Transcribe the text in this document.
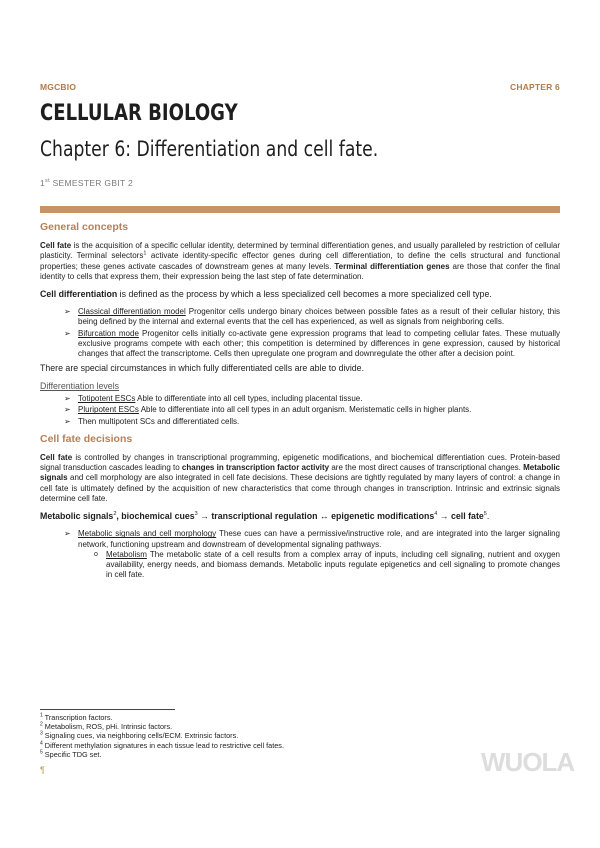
MGCBIO	CHAPTER 6
CELLULAR BIOLOGY
Chapter 6: Differentiation and cell fate.
1st SEMESTER GBIT 2
General concepts

Cell fate is the acquisition of a specific cellular identity, determined by terminal differentiation genes, and usually paralleled by restriction of cellular plasticity. Terminal selectors$^1$ activate identity-specific effector genes during cell differentiation, to define the cells structural and functional properties; these genes activate cascades of downstream genes at many levels. Terminal differentiation genes are those that confer the final identity to cells that express them, their expression being the last step of fate determination.

Cell differentiation is defined as the process by which a less specialized cell becomes a more specialized cell type.

➢ Classical differentiation model Progenitor cells undergo binary choices between possible fates as a result of their cellular history, this being defined by the internal and external events that the cell has experienced, as well as signals from neighboring cells.
➢ Bifurcation mode Progenitor cells initially co-activate gene expression programs that lead to competing cellular fates. These mutually exclusive programs compete with each other; this competition is determined by differences in gene expression, caused by historical changes that affect the transcriptome. Cells then upregulate one program and downregulate the other after a decision point.

There are special circumstances in which fully differentiated cells are able to divide.

Differentiation levels
➢ Totipotent ESCs Able to differentiate into all cell types, including placental tissue.
➢ Pluripotent ESCs Able to differentiate into all cell types in an adult organism. Meristematic cells in higher plants.
➢ Then multipotent SCs and differentiated cells.
Cell fate decisions

Cell fate is controlled by changes in transcriptional programming, epigenetic modifications, and biochemical differentiation cues. Protein-based signal transduction cascades leading to changes in transcription factor activity are the most direct causes of transcriptional changes. Metabolic signals and cell morphology are also integrated in cell fate decisions. These decisions are tightly regulated by many layers of control: a change in cell fate is ultimately defined by the acquisition of new characteristics that come through changes in transcription. Intrinsic and extrinsic signals determine cell fate.

Metabolic signals$^2$, biochemical cues$^3$ → transcriptional regulation ↔ epigenetic modifications$^4$ → cell fate$^5$.

➢ Metabolic signals and cell morphology These cues can have a permissive/instructive role, and are integrated into the larger signaling network, functioning upstream and downstream of developmental signaling pathways.
o Metabolism The metabolic state of a cell results from a complex array of inputs, including cell signaling, nutrient and oxygen availability, energy needs, and biomass demands. Metabolic inputs regulate epigenetics and cell signaling to promote changes in cell fate.
$^1$ Transcription factors.
$^2$ Metabolism, ROS, pHi. Intrinsic factors.
$^3$ Signaling cues, via neighboring cells/ECM. Extrinsic factors.
$^4$ Different methylation signatures in each tissue lead to restrictive cell fates.
$^5$ Specific TDG set.	WUOLA
¶
